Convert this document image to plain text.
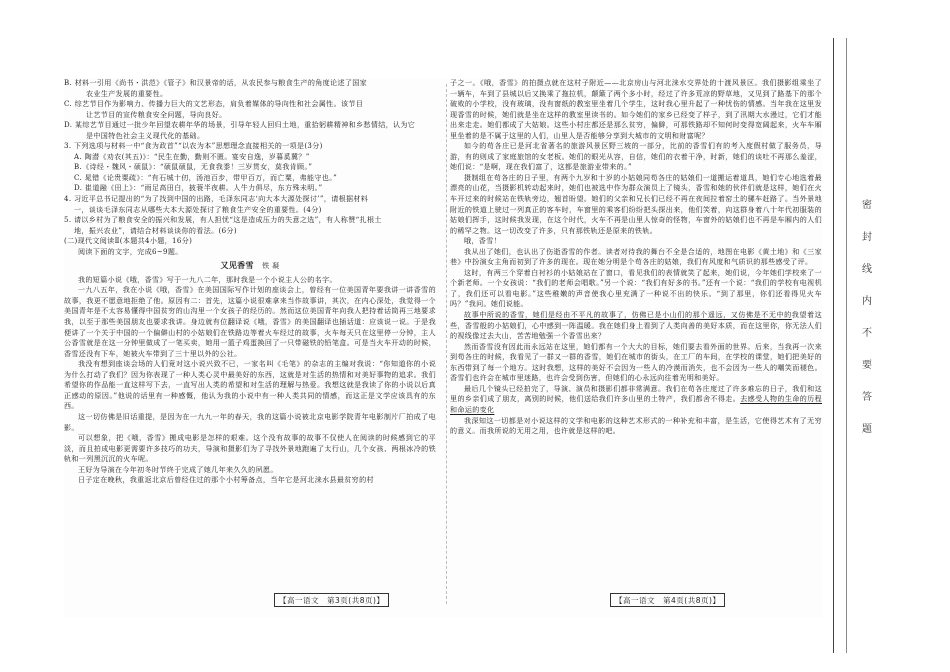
B. 材料一引用《尚书・洪范》《管子》和汉景帝的话，从农民参与粮食生产的角度论述了国家

农业生产发展的重要性。

C. 综艺节目作为影响力、传播力巨大的文艺形态，肩负着媒体的导向性和社会属性。该节目

让艺节目的宣传粮食安全问题，导向良好。

D. 某综艺节目通过一批少年回望农耕年华的场景，引导年轻人回归土地，重拾躬耕精神和乡愁情结，认为它

是中国特色社会主义现代化的基础。

3. 下列选项与材料一中“食为政首”“以农为本”思想理念直接相关的一项是(3分)

A. 陶潜《劝农(其五)》：“民生在勤，勤则不匮。宴安自逸，岁暮奚冀？”

B.《诗经・魏风・硕鼠》：“硕鼠硕鼠，无食我黍！三岁贯女，莫我肯顾。”

C. 晁错《论贵粟疏》：“有石城十仞，汤池百步，带甲百万，而亡粟，弗能守也。”

D. 崔道融《田上》：“雨足高田白，披蓑半夜耕。人牛力俱尽，东方殊未明。”

4. 习近平总书记提出的“为了找到中国的出路，毛泽东同志‘向大本大源处探讨’”，请根据材料

一，谈谈毛泽东同志从哪些大本大源处探讨了粮食生产安全的重要性。(4分)

5. 请以乡村为了粮食安全的振兴和发展，有人担忧“这是造成压力的失意之选”，有人称赞“扎根土

地，振兴农业”，请结合材料谈谈你的看法。(6分)

(二)现代文阅读Ⅱ(本题共4小题，16分)

阅读下面的文字，完成6~9题。

又见香雪　 铁 凝

我的短篇小说《哦，香雪》写于一九八二年，那时我是一个小说主人公的名字。

一九八五年，我在小说《哦，香雪》在美国国际写作计划的座谈会上，曾经有一位美国青年要我讲一讲香雪的故事，我更不愿意地拒绝了他。原因有二：首先，这篇小说很难拿来当作故事讲，其次，在内心深处，我觉得一个美国青年是不太容易懂得中国贫穷的山沟里一个女孩子的经历的。然而这位美国青年向我人把持着话筒再三地要求我，以至于那些美国朋友也要求我讲。身边就有位翻译说《哦，香雪》的美国翻译也插话道：应该说一说。于是我便讲了一个关于中国的一个偏僻山村的小姑娘们在铁路边等着火车经过的故事，火车每天只在这里停一分钟，主人公香雪就是在这一分钟里做成了一笔买卖，她用一篮子鸡蛋换回了一只带磁铁的铅笔盒。可是当火车开动的时候，香雪还没有下车，她被火车带到了三十里以外的公社。

我没有想到座谈会场的人们竟对这小说兴致不已，一家名叫《毛笔》的杂志的主编对我说：“你知道你的小说为什么打动了我们？因为你表现了一种人类心灵中最美好的东西，这就是对生活的热情和对美好事物的追求。我们希望你的作品能一直这样写下去，一直写出人类的希望和对生活的理解与热爱。我想这就是我读了你的小说以后真正感动的原因。”他说的话里有一种感慨，他认为我的小说中有一种人类共同的情感，而这正是文学应该具有的东西。

这一切仿佛是旧话重提，是因为在一九九一年的春天，我的这篇小说被北京电影学院青年电影制片厂拍成了电影。

可以想象，把《哦，香雪》搬成电影是怎样的艰难。这个没有故事的故事不仅使人在阅读的时候感到它的平淡，而且拍成电影更需要许多技巧的功夫，导演和摄影们为了寻找外景地跑遍了太行山，几个女孩、两根冰冷的铁轨和一列黑沉沉的火车呢。

王好为导演在今年初冬时节终于完成了她几年来久久的夙愿。

日子定在晚秋，我重返北京后曾经住过的那个小村筹备点，当年它是河北涞水县最贫穷的村

子之一。《哦，香雪》的拍摄点就在这村子附近——北京房山与河北涞水交界处的十渡风景区。我们摄影组乘坐了一辆车，车到了县城以后又换乘了拖拉机，颠簸了两个多小时，经过了许多荒凉的野草地，又见到了路基下的那个破败的小学校，没有玻璃，没有窗纸的教室里坐着几个学生，这时我心里升起了一种忧伤的情感。当年我在这里发现香雪的时候，她们就是坐在这样的教室里读书的。如今她们的家乡已经变了样子，到了汛期大水漫过，它们才能出来走走。她们都成了大姑娘。这些小村庄都还是那么贫穷，偏僻，可那铁路却不知何时变得宽阔起来，火车车厢里坐着的是不属于这里的人们，山里人是否能够分享到大城市的文明和财富呢？

如今的苟各庄已是河北省著名的旅游风景区野三坡的一部分，比前的香雪们有的考入度假村做了服务员，导游，有的则成了家庭旅馆的女老板。她们的眼光从容，自信，她们的衣着干净，时新，她们的谈吐不再那么羞涩，她们说：“是啊，现在我们富了，这都是旅游业带来的。”

摄制组在苟各庄的日子里，有两个九岁和十岁的小姑娘同苟各庄的姑娘们一道搬运着道具，她们专心地选着最漂亮的山花，当摄影机转动起来时，她们也被选中作为群众演员上了镜头，香雪和她的伙伴们就是这样，她们在火车开过来的时候站在铁轨旁边，翘首盼望。她们的父亲和兄长们已经不再在夜间拉着窑土的骡车赶路了。当外景地附近的铁道上驶过一列真正的客车时，车窗里的乘客们纷纷把头探出来，他们笑着，向这群身着八十年代初服装的姑娘们挥手，这时候我发现，在这个时代，火车不再是山里人惊奇的怪物，车窗外的姑娘们也不再是车厢内的人们的稀罕之物。这一切改变了许多，只有那铁轨还是原来的铁轨。

哦，香雪！

我从出了她们，也认出了伤逝香雪的作者。读者对待我的舞台不全是合适的，地图在电影《黄土地》和《三家巷》中扮演女主角而初到了许多的现在。现在她分明是个苟各庄的姑娘，我们有风度和气质识的那些感受了评。

这时，有两三个穿着白衬衫的小姑娘站在了窗口，看见我们的表情就笑了起来，她们说，今年她们学校来了一个新老师。一个女孩说：“我们的老师会唱歌。”另一个说：“我们有好多的书。”还有一个说：“我们的学校有电视机了，我们还可以看电影。”这些稚嫩的声音使我心里充满了一种说不出的快乐。“到了那里，你们还看得见火车吗？”我问。她们说能。

故事中所说的香雪，她们是经由不平凡的故事了，仿佛已是小山们的那个遥远，又仿佛是不无中的我望着这些，香雪般的小姑娘们，心中感到一阵温暖。我在她们身上看到了人类向善的美好本质，而在这里你，你无法人们的视线像过去大山，苦苦地勉强一个香雪出来？

然而香雪没有因此而永远站在这里，她们都有一个大大的目标，她们要去看外面的世界。后来，当我再一次来到苟各庄的时候，我看见了一群又一群的香雪，她们在城市的街头，在工厂的车间，在学校的课堂，她们把美好的东西带到了每一个地方。这时我想，这样的美好不会因为一些人的冷漠而消失，也不会因为一些人的嘲笑而褪色。香雪们也许会在城市里迷路，也许会受到伤害，但她们的心永远向往着光明和美好。

最后几个镜头已经拍完了，导演、演员和摄影们都非常满意。我们在苟各庄度过了许多难忘的日子，我们和这里的乡亲们成了朋友，离别的时候，他们送给我们许多山里的土特产，我们都舍不得走。去感受人物的生命的历程和命运的变化

我深知这一切都是对小说这样的文学和电影的这种艺术形式的一种补充和丰富，是生活，它使得艺术有了无穷的意义。而我所说的无用之用，也许就是这样的吧。

【高一语文　第3页(共8页)】	【高一语文　第4页(共8页)】
密
封
线
内
不
要
答
题
